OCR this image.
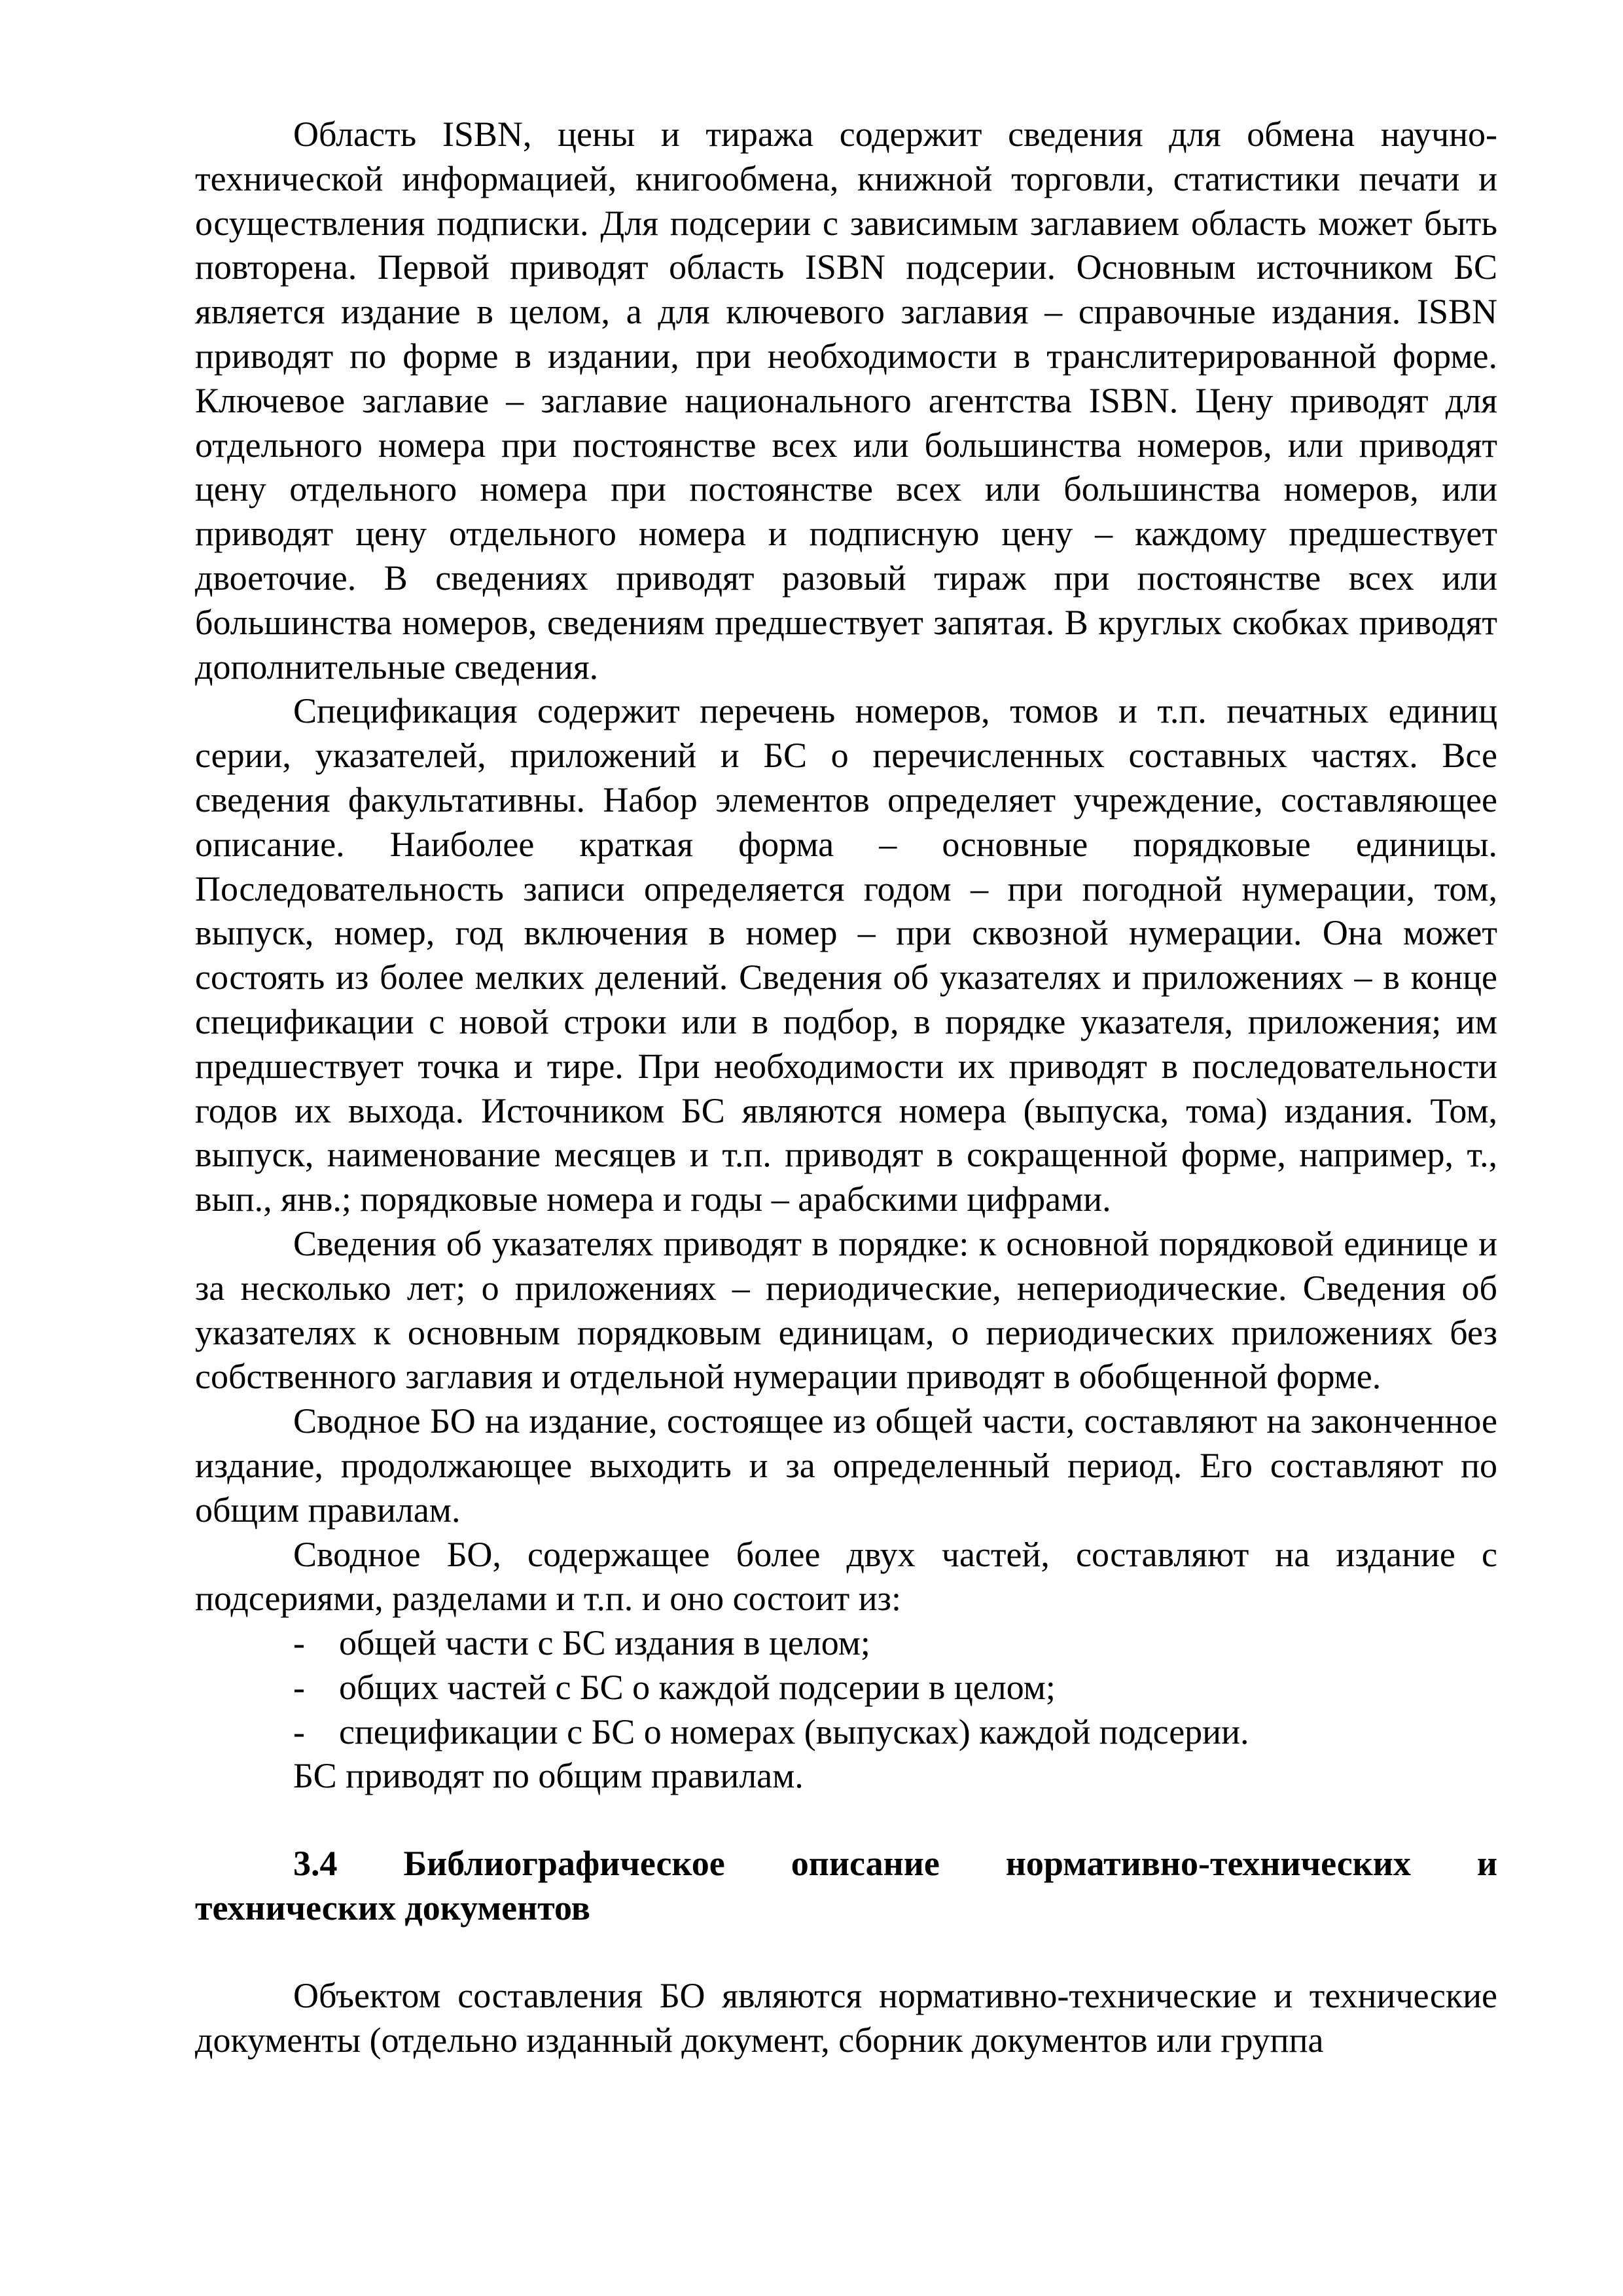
Область ISBN, цены и тиража содержит сведения для обмена научно-технической информацией, книгообмена, книжной торговли, статистики печати и осуществления подписки. Для подсерии с зависимым заглавием область может быть повторена. Первой приводят область ISBN подсерии. Основным источником БС является издание в целом, а для ключевого заглавия – справочные издания. ISBN приводят по форме в издании, при необходимости в транслитерированной форме. Ключевое заглавие – заглавие национального агентства ISBN. Цену приводят для отдельного номера при постоянстве всех или большинства номеров, или приводят цену отдельного номера при постоянстве всех или большинства номеров, или приводят цену отдельного номера и подписную цену – каждому предшествует двоеточие. В сведениях приводят разовый тираж при постоянстве всех или большинства номеров, сведениям предшествует запятая. В круглых скобках приводят дополнительные сведения.

Спецификация содержит перечень номеров, томов и т.п. печатных единиц серии, указателей, приложений и БС о перечисленных составных частях. Все сведения факультативны. Набор элементов определяет учреждение, составляющее описание. Наиболее краткая форма – основные порядковые единицы. Последовательность записи определяется годом – при погодной нумерации, том, выпуск, номер, год включения в номер – при сквозной нумерации. Она может состоять из более мелких делений. Сведения об указателях и приложениях – в конце спецификации с новой строки или в подбор, в порядке указателя, приложения; им предшествует точка и тире. При необходимости их приводят в последовательности годов их выхода. Источником БС являются номера (выпуска, тома) издания. Том, выпуск, наименование месяцев и т.п. приводят в сокращенной форме, например, т., вып., янв.; порядковые номера и годы – арабскими цифрами.

Сведения об указателях приводят в порядке: к основной порядковой единице и за несколько лет; о приложениях – периодические, непериодические. Сведения об указателях к основным порядковым единицам, о периодических приложениях без собственного заглавия и отдельной нумерации приводят в обобщенной форме.

Сводное БО на издание, состоящее из общей части, составляют на законченное издание, продолжающее выходить и за определенный период. Его составляют по общим правилам.

Сводное БО, содержащее более двух частей, составляют на издание с подсериями, разделами и т.п. и оно состоит из:

- общей части с БС издания в целом;
- общих частей с БС о каждой подсерии в целом;
- спецификации с БС о номерах (выпусках) каждой подсерии.

БС приводят по общим правилам.

3.4 Библиографическое описание нормативно-технических и
технических документов

Объектом составления БО являются нормативно-технические и технические документы (отдельно изданный документ, сборник документов или группа
